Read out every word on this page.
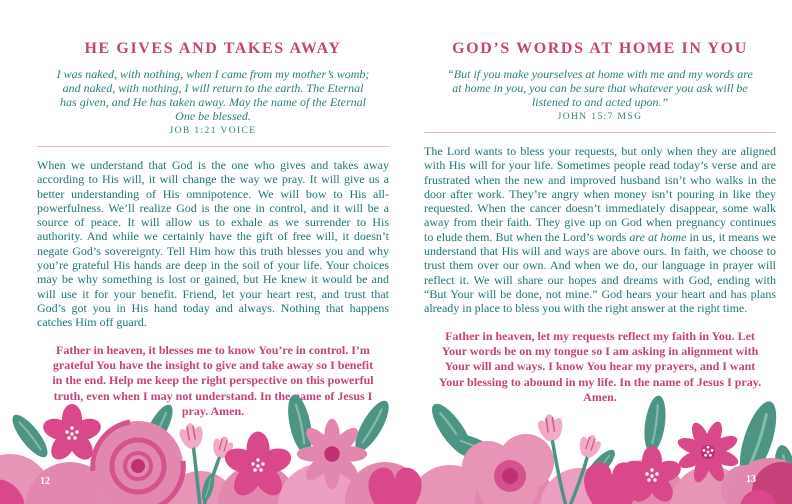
HE GIVES AND TAKES AWAY
I was naked, with nothing, when I came from my mother’s womb; and naked, with nothing, I will return to the earth. The Eternal has given, and He has taken away. May the name of the Eternal One be blessed.
JOB 1:21 VOICE

When we understand that God is the one who gives and takes away according to His will, it will change the way we pray. It will give us a better understanding of His omnipotence. We will bow to His all-powerfulness. We’ll realize God is the one in control, and it will be a source of peace. It will allow us to exhale as we surrender to His authority. And while we certainly have the gift of free will, it doesn’t negate God’s sovereignty. Tell Him how this truth blesses you and why you’re grateful His hands are deep in the soil of your life. Your choices may be why something is lost or gained, but He knew it would be and will use it for your benefit. Friend, let your heart rest, and trust that God’s got you in His hand today and always. Nothing that happens catches Him off guard.

Father in heaven, it blesses me to know You’re in control. I’m grateful You have the insight to give and take away so I benefit in the end. Help me keep the right perspective on this powerful truth, even when I may not understand. In the name of Jesus I pray. Amen.

GOD’S WORDS AT HOME IN YOU
“But if you make yourselves at home with me and my words are at home in you, you can be sure that whatever you ask will be listened to and acted upon.”
JOHN 15:7 MSG

The Lord wants to bless your requests, but only when they are aligned with His will for your life. Sometimes people read today’s verse and are frustrated when the new and improved husband isn’t who walks in the door after work. They’re angry when money isn’t pouring in like they requested. When the cancer doesn’t immediately disappear, some walk away from their faith. They give up on God when pregnancy continues to elude them. But when the Lord’s words are at home in us, it means we understand that His will and ways are above ours. In faith, we choose to trust them over our own. And when we do, our language in prayer will reflect it. We will share our hopes and dreams with God, ending with “But Your will be done, not mine.” God hears your heart and has plans already in place to bless you with the right answer at the right time.

Father in heaven, let my requests reflect my faith in You. Let Your words be on my tongue so I am asking in alignment with Your will and ways. I know You hear my prayers, and I want Your blessing to abound in my life. In the name of Jesus I pray. Amen.

12	13
